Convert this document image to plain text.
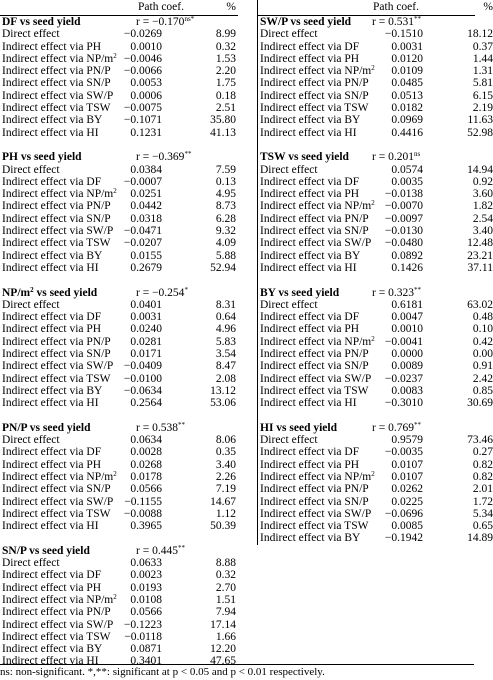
Path coef.	%
DF vs seed yield	$r = -0.170^{ns*}$
Direct effect	−0.0269	8.99
Indirect effect via PH	0.0010	0.32
Indirect effect via $NP/m^2 -0.0046$	1.53
Indirect effect via PN/P −0.0066	2.20
Indirect effect via SN/P 0.0053	1.75
Indirect effect via SW/P 0.0006	0.18
Indirect effect via TSW −0.0075	2.51
Indirect effect via BY −0.1071	35.80
Indirect effect via HI	0.1231	41.13
PH vs seed yield	r = −0.369**
Direct effect	0.0384	7.59
Indirect effect via DF −0.0007	0.13
Indirect effect via $NP/m^2$ 0.0251	4.95
Indirect effect via PN/P 0.0442	8.73
Indirect effect via SN/P 0.0318	6.28
Indirect effect via SW/P −0.0471	9.32
Indirect effect via TSW −0.0207	4.09
Indirect effect via BY 0.0155	5.88
Indirect effect via HI	0.2679	52.94
$NP/m^2$ vs seed yield	r = −0.254*
Direct effect	0.0401	8.31
Indirect effect via DF	0.0031	0.64
Indirect effect via PH	0.0240	4.96
Indirect effect via PN/P 0.0281	5.83
Indirect effect via SN/P 0.0171	3.54
Indirect effect via SW/P −0.0409	8.47
Indirect effect via TSW −0.0100	2.08
Indirect effect via BY −0.0634	13.12
Indirect effect via HI	0.2564	53.06
PN/P vs seed yield	r = 0.538**
Direct effect	0.0634	8.06
Indirect effect via DF	0.0028	0.35
Indirect effect via PH	0.0268	3.40
Indirect effect via $NP/m^2$ 0.0178	2.26
Indirect effect via SN/P 0.0566	7.19
Indirect effect via SW/P −0.1155	14.67
Indirect effect via TSW −0.0088	1.12
Indirect effect via HI	0.3965	50.39
SN/P vs seed yield	r = 0.445**
Direct effect	0.0633	8.88
Indirect effect via DF	0.0023	0.32
Indirect effect via PH	0.0193	2.70
Indirect effect via $NP/m^2$ 0.0108	1.51
Indirect effect via PN/P 0.0566	7.94
Indirect effect via SW/P −0.1223	17.14
Indirect effect via TSW −0.0118	1.66
Indirect effect via BY 0.0871	12.20
Indirect effect via HI	0.3401	47.65
Path coef.	%
SW/P vs seed yield r = 0.531**
Direct effect	−0.1510	18.12
Indirect effect via DF	0.0031	0.37
Indirect effect via PH	0.0120	1.44
Indirect effect via $NP/m^2$ 0.0109	1.31
Indirect effect via PN/P 0.0485	5.81
Indirect effect via SN/P 0.0513	6.15
Indirect effect via TSW 0.0182	2.19
Indirect effect via BY	0.0969	11.63
Indirect effect via HI	0.4416	52.98
TSW vs seed yield $r = 0.201^{ns}$
Direct effect	0.0574	14.94
Indirect effect via DF	0.0035	0.92
Indirect effect via PH −0.0138	3.60
Indirect effect via $NP/m^2 -0.0070$	1.82
Indirect effect via PN/P −0.0097	2.54
Indirect effect via SN/P −0.0130	3.40
Indirect effect via SW/P −0.0480	12.48
Indirect effect via BY	0.0892	23.21
Indirect effect via HI	0.1426	37.11
BY vs seed yield	r = 0.323**
Direct effect	0.6181	63.02
Indirect effect via DF	0.0047	0.48
Indirect effect via PH	0.0010	0.10
Indirect effect via $NP/m^2 -0.0041$	0.42
Indirect effect via PN/P 0.0000	0.00
Indirect effect via SN/P 0.0089	0.91
Indirect effect via SW/P −0.0237	2.42
Indirect effect via TSW 0.0083	0.85
Indirect effect via HI −0.3010	30.69
HI vs seed yield	r = 0.769**
Direct effect	0.9579	73.46
Indirect effect via DF −0.0035	0.27
Indirect effect via PH	0.0107	0.82
Indirect effect via $NP/m^2$ 0.0107	0.82
Indirect effect via PN/P 0.0262	2.01
Indirect effect via SN/P 0.0225	1.72
Indirect effect via SW/P −0.0696	5.34
Indirect effect via TSW 0.0085	0.65
Indirect effect via BY −0.1942	14.89
ns: non-significant. *,**: significant at p < 0.05 and p < 0.01 respectively.
